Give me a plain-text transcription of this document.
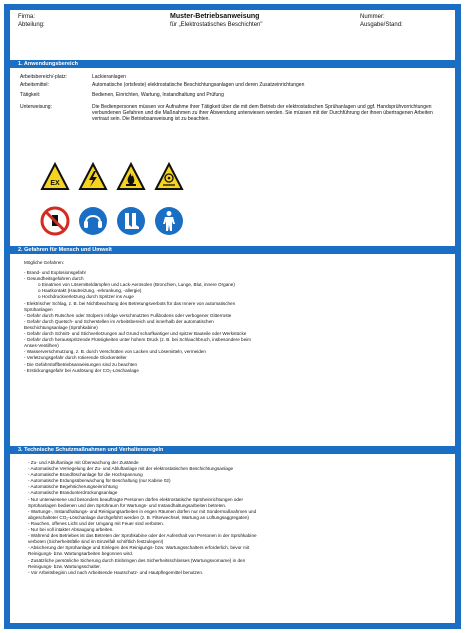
Firma:
Abteilung:
Muster-Betriebsanweisung
für „Elektrostatisches Beschichten"
Nummer:
Ausgabe/Stand:
1. Anwendungsbereich
Arbeitsbereich/-platz:	Lackieranlagen
Arbeitsmittel:	Automatische (ortsfeste) elektrostatische Beschichtungsanlagen und deren Zusatzeinrichtungen
Tätigkeit:	Bedienen, Einrichten, Wartung, Instandhaltung und Prüfung
Unterweisung:	Die Bedienpersonen müssen vor Aufnahme ihrer Tätigkeit über die mit dem Betrieb der elektrostatischen Sprühanlagen und ggf. Handsprühvorrichtungen verbundenen Gefahren und die Maßnahmen zu ihrer Abwendung unterwiesen werden. Sie müssen mit der Durchführung der ihnen übertragenen Arbeiten vertraut sein. Die Betriebsanweisung ist zu beachten.
EX
2. Gefahren für Mensch und Umwelt
Mögliche Gefahren:
- Brand- und Explosionsgefahr
- Gesundheitsgefahren durch
o Einatmen von Lösemitteldämpfen und Lack-Aerosolen (Bronchien, Lunge, Blut, innere Organe)
o Hautkontakt (Hautreizung, -erkrankung, -allergie)
o Hochdruckverletzung durch Spritzer ins Auge
- Elektrischer Schlag, z. B. bei Nichtbeachtung des Betretungsverbots für das Innere von automatischen
Sprühanlagen
- Gefahr durch Rutschen oder Stolpern infolge verschmutzten Fußbodens oder verbogener Gitterroste
- Gefahr durch Quetsch- und Scherstellen im Arbeitsbereich und innerhalb der automatischen
Beschichtungsanlage (Sprühkabine)
- Gefahr durch Schnitt- und Stichverletzungen auf Grund scharfkantiger und spitzer Bauteile oder Werkstücke
- Gefahr durch herausspritzende Flüssigkeiten unter hohem Druck (z. B. bei Schlauchbruch, insbesondere beim
Anses-Ventilhen)
- Wasserverschmutzung, z. B. durch Verschütten von Lacken und Lösemitteln, vermeiden
- Verletzungsgefahr durch rotierende Glockenteller
- Die Gefahrstoffbetriebsanweisungen sind zu beachten
- Erstickungsgefahr bei Auslösung der CO₂-Löschanlage
3. Technische Schutzmaßnahmen und Verhaltensregeln
- Zu- und Abluftanlage mit Überwachung der Zustände
- Automatische Verriegelung der Zu- und Abluftanlage mit der elektrostatischen Beschichtungsanlage
- Automatische Brandlöschanlage für die Hochspannung
- Automatische Erdungsüberwachung für Beschaltung (nur Kabine 02)
- Automatische Begehsicherungseinrichtung
- Automatische Brandunterdrückungsanlage
- Nur unterwiesene und besonders beauftragte Personen dürfen elektrostatische Sprüheinrichtungen oder
Sprühanlagen bedienen und den Sprühraum für Wartungs- und Instandhaltungsarbeiten betreten.
- Wartungs-, Instandhaltungs- und Reinigungsarbeiten in engen Räumen dürfen nur mit Sondermaßnahmen und
abgeschalteter CO₂-Löschanlage durchgeführt werden (z. B. Filterwechsel, Wartung an Lüftungsaggregaten)
- Rauchen, offenes Licht und der Umgang mit Feuer sind verboten.
- Nur bei voll intakter Absaugung arbeiten.
- Während des Betriebes ist das Betreten der Sprühkabine oder der Aufenthalt von Personen in der Sprühkabine
verboten (Sicherheitsfälle sind im Einzelfall schriftlich festzulegen!)
- Absicherung der Sprühanlage und Einlegen des Reinigungs- bzw. Wartungsschalters erforderlich, bevor mit
Reinigungs- bzw. Wartungsarbeiten begonnen wird.
- Zusätzliche persönliche Sicherung durch Einbringen des Sicherheitsschlosses (Wartungsvorname) in den
Reinigungs- bzw. Wartungsschalter.
- Vor Arbeitsbeginn und nach Arbeitsende Hautschutz- und Hautpflegemittel benutzen.
